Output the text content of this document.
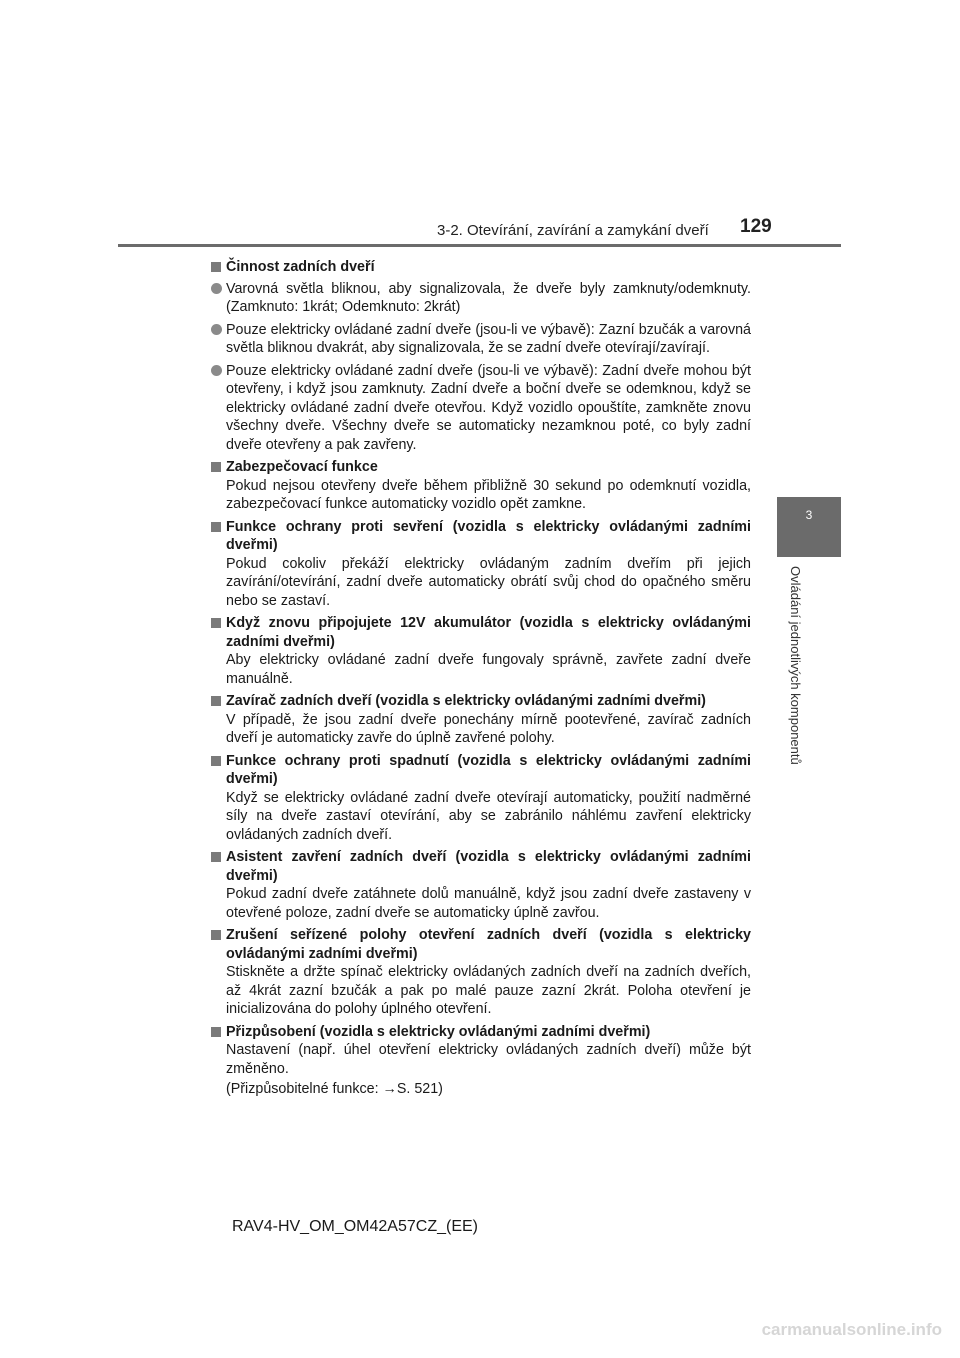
3-2. Otevírání, zavírání a zamykání dveří 129
3
Ovládání jednotlivých komponentů
Činnost zadních dveří
Varovná světla bliknou, aby signalizovala, že dveře byly zamknuty/odemknuty. (Zamknuto: 1krát; Odemknuto: 2krát)
Pouze elektricky ovládané zadní dveře (jsou-li ve výbavě): Zazní bzučák a varovná světla bliknou dvakrát, aby signalizovala, že se zadní dveře otevírají/zavírají.
Pouze elektricky ovládané zadní dveře (jsou-li ve výbavě): Zadní dveře mohou být otevřeny, i když jsou zamknuty. Zadní dveře a boční dveře se odemknou, když se elektricky ovládané zadní dveře otevřou. Když vozidlo opouštíte, zamkněte znovu všechny dveře. Všechny dveře se automaticky nezamknou poté, co byly zadní dveře otevřeny a pak zavřeny.
Zabezpečovací funkce
Pokud nejsou otevřeny dveře během přibližně 30 sekund po odemknutí vozidla, zabezpečovací funkce automaticky vozidlo opět zamkne.
Funkce ochrany proti sevření (vozidla s elektricky ovládanými zadními dveřmi)
Pokud cokoliv překáží elektricky ovládaným zadním dveřím při jejich zavírání/otevírání, zadní dveře automaticky obrátí svůj chod do opačného směru nebo se zastaví.
Když znovu připojujete 12V akumulátor (vozidla s elektricky ovládanými zadními dveřmi)
Aby elektricky ovládané zadní dveře fungovaly správně, zavřete zadní dveře manuálně.
Zavírač zadních dveří (vozidla s elektricky ovládanými zadními dveřmi)
V případě, že jsou zadní dveře ponechány mírně pootevřené, zavírač zadních dveří je automaticky zavře do úplně zavřené polohy.
Funkce ochrany proti spadnutí (vozidla s elektricky ovládanými zadními dveřmi)
Když se elektricky ovládané zadní dveře otevírají automaticky, použití nadměrné síly na dveře zastaví otevírání, aby se zabránilo náhlému zavření elektricky ovládaných zadních dveří.
Asistent zavření zadních dveří (vozidla s elektricky ovládanými zadními dveřmi)
Pokud zadní dveře zatáhnete dolů manuálně, když jsou zadní dveře zastaveny v otevřené poloze, zadní dveře se automaticky úplně zavřou.
Zrušení seřízené polohy otevření zadních dveří (vozidla s elektricky ovládanými zadními dveřmi)
Stiskněte a držte spínač elektricky ovládaných zadních dveří na zadních dveřích, až 4krát zazní bzučák a pak po malé pauze zazní 2krát. Poloha otevření je inicializována do polohy úplného otevření.
Přizpůsobení (vozidla s elektricky ovládanými zadními dveřmi)
Nastavení (např. úhel otevření elektricky ovládaných zadních dveří) může být změněno.
(Přizpůsobitelné funkce: →S. 521)
RAV4-HV_OM_OM42A57CZ_(EE)
carmanualsonline.info
